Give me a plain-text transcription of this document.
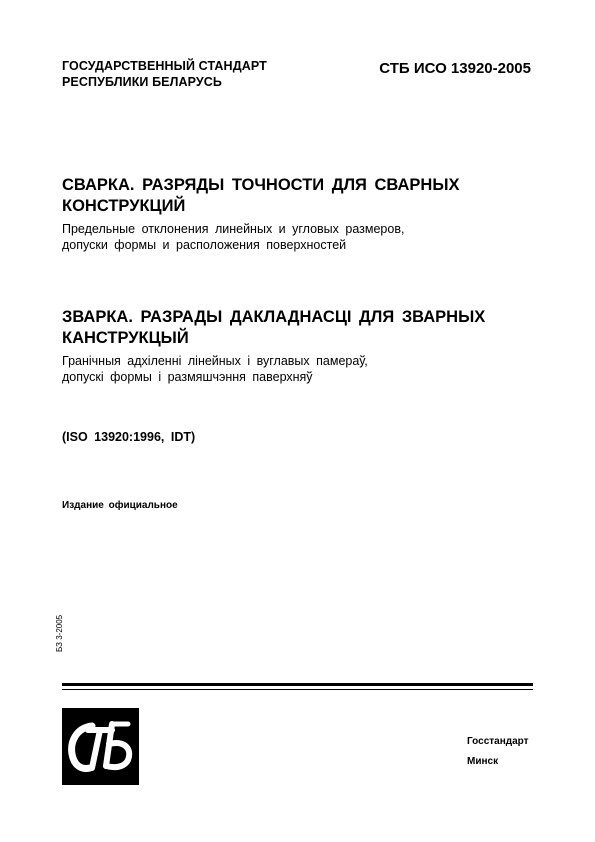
ГОСУДАРСТВЕННЫЙ СТАНДАРТ
РЕСПУБЛИКИ БЕЛАРУСЬ
СТБ ИСО 13920-2005
СВАРКА. РАЗРЯДЫ ТОЧНОСТИ ДЛЯ СВАРНЫХ
КОНСТРУКЦИЙ
Предельные отклонения линейных и угловых размеров,
допуски формы и расположения поверхностей
ЗВАРКА. РАЗРАДЫ ДАКЛАДНАСЦІ ДЛЯ ЗВАРНЫХ
КАНСТРУКЦЫЙ
Гранічныя адхіленні лінейных і вуглавых памераў,
допускі формы і размяшчэння паверхняў
(ISO 13920:1996, IDT)
Издание официальное
БЗ 3-2005
Госстандарт
Минск
